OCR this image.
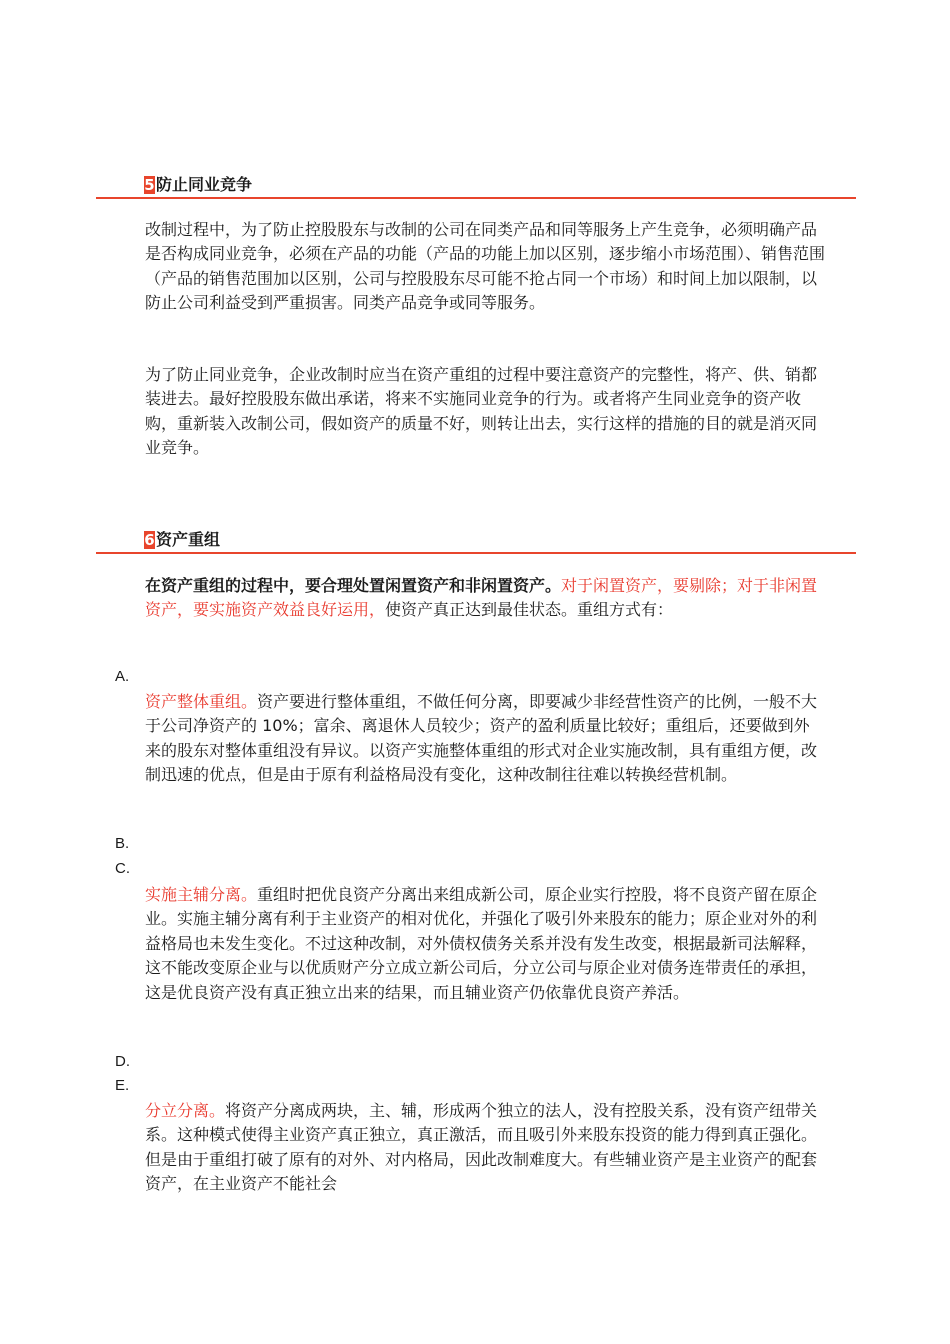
5防止同业竞争

改制过程中，为了防止控股股东与改制的公司在同类产品和同等服务上产生竞争，必须明确产品是否构成同业竞争，必须在产品的功能（产品的功能上加以区别，逐步缩小市场范围）、销售范围（产品的销售范围加以区别，公司与控股股东尽可能不抢占同一个市场）和时间上加以限制，以防止公司利益受到严重损害。同类产品竞争或同等服务。

为了防止同业竞争，企业改制时应当在资产重组的过程中要注意资产的完整性，将产、供、销都装进去。最好控股股东做出承诺，将来不实施同业竞争的行为。或者将产生同业竞争的资产收购，重新装入改制公司，假如资产的质量不好，则转让出去，实行这样的措施的目的就是消灭同业竞争。

6资产重组

在资产重组的过程中，要合理处置闲置资产和非闲置资产。对于闲置资产，要剔除；对于非闲置资产，要实施资产效益良好运用，使资产真正达到最佳状态。重组方式有：

A.

资产整体重组。资产要进行整体重组，不做任何分离，即要减少非经营性资产的比例，一般不大于公司净资产的 10%；富余、离退休人员较少；资产的盈利质量比较好；重组后，还要做到外来的股东对整体重组没有异议。以资产实施整体重组的形式对企业实施改制，具有重组方便，改制迅速的优点，但是由于原有利益格局没有变化，这种改制往往难以转换经营机制。

B.
C.

实施主辅分离。重组时把优良资产分离出来组成新公司，原企业实行控股，将不良资产留在原企业。实施主辅分离有利于主业资产的相对优化，并强化了吸引外来股东的能力；原企业对外的利益格局也未发生变化。不过这种改制，对外债权债务关系并没有发生改变，根据最新司法解释，这不能改变原企业与以优质财产分立成立新公司后，分立公司与原企业对债务连带责任的承担，这是优良资产没有真正独立出来的结果，而且辅业资产仍依靠优良资产养活。

D.
E.

分立分离。将资产分离成两块，主、辅，形成两个独立的法人，没有控股关系，没有资产纽带关系。这种模式使得主业资产真正独立，真正激活，而且吸引外来股东投资的能力得到真正强化。但是由于重组打破了原有的对外、对内格局，因此改制难度大。有些辅业资产是主业资产的配套资产，在主业资产不能社会
